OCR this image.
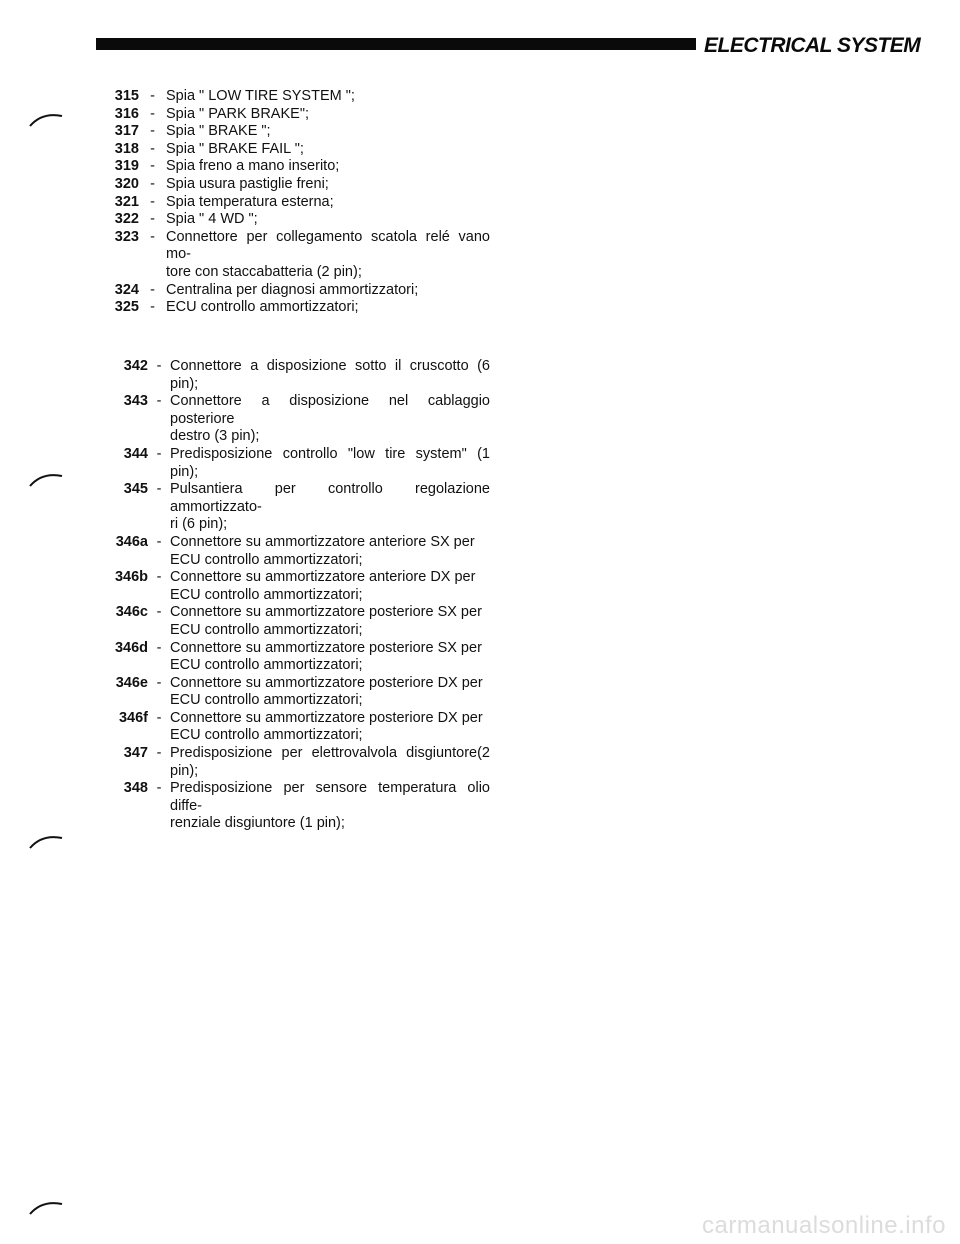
ELECTRICAL SYSTEM
315 - Spia " LOW TIRE SYSTEM ";
316 - Spia " PARK BRAKE";
317 - Spia " BRAKE ";
318 - Spia " BRAKE FAIL ";
319 - Spia freno a mano inserito;
320 - Spia usura pastiglie freni;
321 - Spia temperatura esterna;
322 - Spia " 4 WD ";
323 - Connettore per collegamento scatola relé vano mo-
tore con staccabatteria (2 pin);
324 - Centralina per diagnosi ammortizzatori;
325 - ECU controllo ammortizzatori;
342 - Connettore a disposizione sotto il cruscotto (6 pin);
343 - Connettore a disposizione nel cablaggio posteriore
destro (3 pin);
344 - Predisposizione controllo "low tire system" (1 pin);
345 - Pulsantiera per controllo regolazione ammortizzato-
ri (6 pin);
346a - Connettore su ammortizzatore anteriore SX per
ECU controllo ammortizzatori;
346b - Connettore su ammortizzatore anteriore DX per
ECU controllo ammortizzatori;
346c - Connettore su ammortizzatore posteriore SX per
ECU controllo ammortizzatori;
346d - Connettore su ammortizzatore posteriore SX per
ECU controllo ammortizzatori;
346e - Connettore su ammortizzatore posteriore DX per
ECU controllo ammortizzatori;
346f - Connettore su ammortizzatore posteriore DX per
ECU controllo ammortizzatori;
347 - Predisposizione per elettrovalvola disgiuntore(2 pin);
348 - Predisposizione per sensore temperatura olio diffe-
renziale disgiuntore (1 pin);
carmanualsonline.info
